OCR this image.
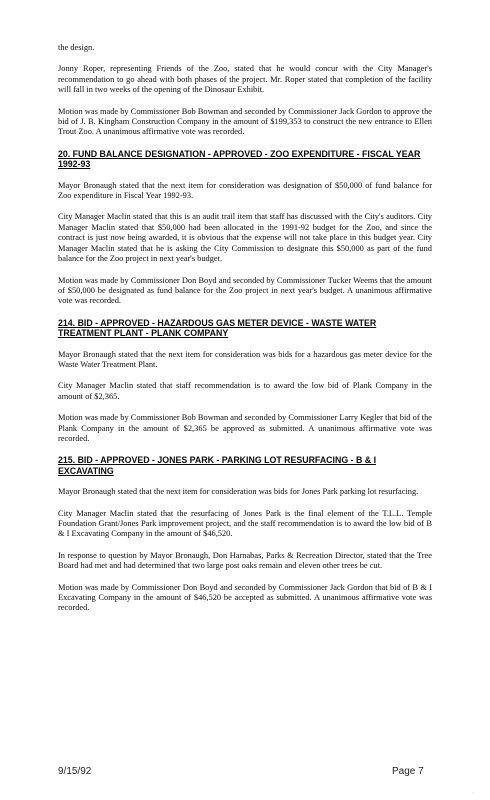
the design.

Jonny Roper, representing Friends of the Zoo, stated that he would concur with the City Manager's recommendation to go ahead with both phases of the project. Mr. Roper stated that completion of the facility will fall in two weeks of the opening of the Dinosaur Exhibit.

Motion was made by Commissioner Bob Bowman and seconded by Commissioner Jack Gordon to approve the bid of J. B. Kingham Construction Company in the amount of $199,353 to construct the new entrance to Ellen Trout Zoo. A unanimous affirmative vote was recorded.

20. FUND BALANCE DESIGNATION - APPROVED - ZOO EXPENDITURE - FISCAL YEAR 1992-93

Mayor Bronaugh stated that the next item for consideration was designation of $50,000 of fund balance for Zoo expenditure in Fiscal Year 1992-93.

City Manager Maclin stated that this is an audit trail item that staff has discussed with the City's auditors. City Manager Maclin stated that $50,000 had been allocated in the 1991-92 budget for the Zoo, and since the contract is just now being awarded, it is obvious that the expense will not take place in this budget year. City Manager Maclin stated that he is asking the City Commission to designate this $50,000 as part of the fund balance for the Zoo project in next year's budget.

Motion was made by Commissioner Don Boyd and seconded by Commissioner Tucker Weems that the amount of $50,000 be designated as fund balance for the Zoo project in next year's budget. A unanimous affirmative vote was recorded.

214. BID - APPROVED - HAZARDOUS GAS METER DEVICE - WASTE WATER TREATMENT PLANT - PLANK COMPANY

Mayor Bronaugh stated that the next item for consideration was bids for a hazardous gas meter device for the Waste Water Treatment Plant.

City Manager Maclin stated that staff recommendation is to award the low bid of Plank Company in the amount of $2,365.

Motion was made by Commissioner Bob Bowman and seconded by Commissioner Larry Kegler that bid of the Plank Company in the amount of $2,365 be approved as submitted. A unanimous affirmative vote was recorded.

215. BID - APPROVED - JONES PARK - PARKING LOT RESURFACING - B & I EXCAVATING

Mayor Bronaugh stated that the next item for consideration was bids for Jones Park parking lot resurfacing.

City Manager Maclin stated that the resurfacing of Jones Park is the final element of the T.L.L. Temple Foundation Grant/Jones Park improvement project, and the staff recommendation is to award the low bid of B & I Excavating Company in the amount of $46,520.

In response to question by Mayor Bronaugh, Don Harnabas, Parks & Recreation Director, stated that the Tree Board had met and had determined that two large post oaks remain and eleven other trees be cut.

Motion was made by Commissioner Don Boyd and seconded by Commissioner Jack Gordon that bid of B & I Excavating Company in the amount of $46,520 be accepted as submitted. A unanimous affirmative vote was recorded.

9/15/92	Page 7
·
